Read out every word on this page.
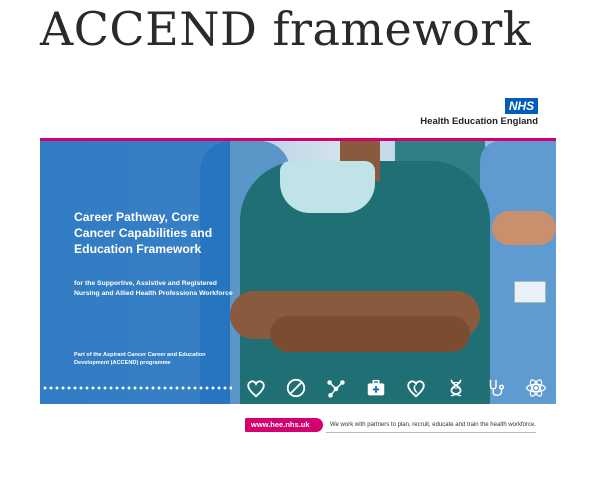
ACCEND framework
NHS
Health Education England
Career Pathway, Core Cancer Capabilities and Education Framework
for the Supportive, Assistive and Registered Nursing and Allied Health Professions Workforce
Part of the Aspirant Cancer Career and Education Development (ACCEND) programme
www.hee.nhs.uk	We work with partners to plan, recruit, educate and train the health workforce.
